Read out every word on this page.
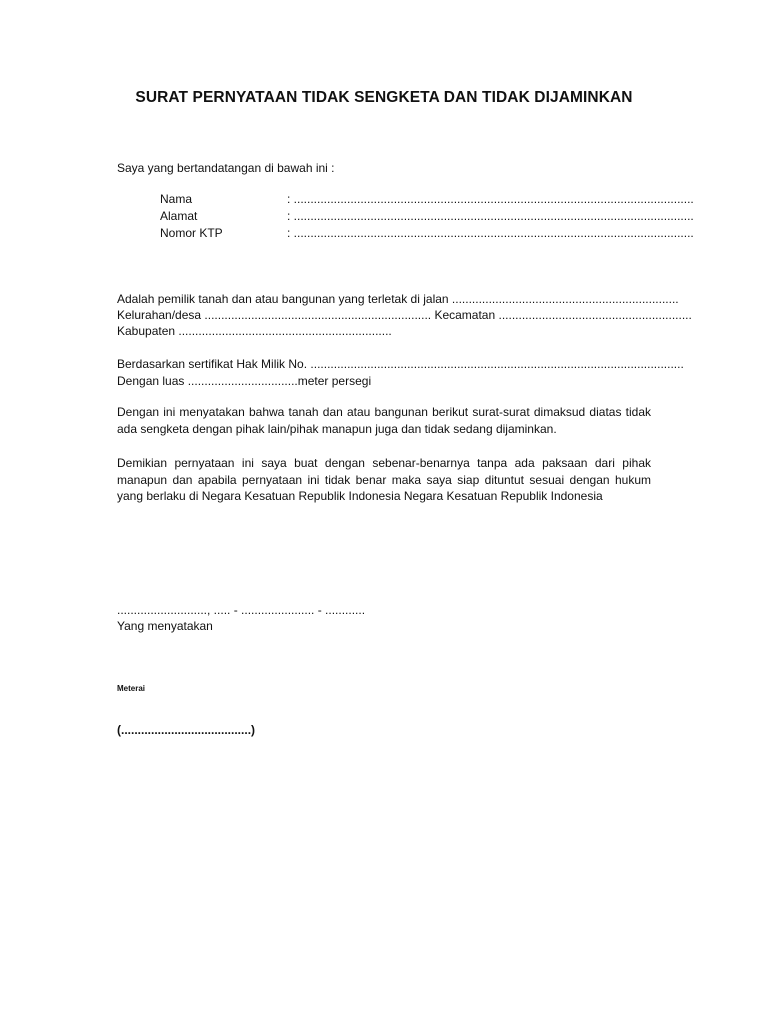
SURAT PERNYATAAN TIDAK SENGKETA DAN TIDAK DIJAMINKAN
Saya yang bertandatangan di bawah ini :
Nama	: ........................................................................................................................
Alamat	: ........................................................................................................................
Nomor KTP	: ........................................................................................................................
Adalah pemilik tanah dan atau bangunan yang terletak di jalan ....................................................................
Kelurahan/desa .................................................................... Kecamatan ..........................................................
Kabupaten ................................................................
Berdasarkan sertifikat Hak Milik No. ................................................................................................................
Dengan luas .................................meter persegi
Dengan ini menyatakan bahwa tanah dan atau bangunan berikut surat-surat dimaksud diatas tidak ada sengketa dengan pihak lain/pihak manapun juga dan tidak sedang dijaminkan.
Demikian pernyataan ini saya buat dengan sebenar-benarnya tanpa ada paksaan dari pihak manapun dan apabila pernyataan ini tidak benar maka saya siap dituntut sesuai dengan hukum yang berlaku di Negara Kesatuan Republik Indonesia Negara Kesatuan Republik Indonesia
..........................., ..... - ...................... - ............
Yang menyatakan
Meterai
(.......................................)
